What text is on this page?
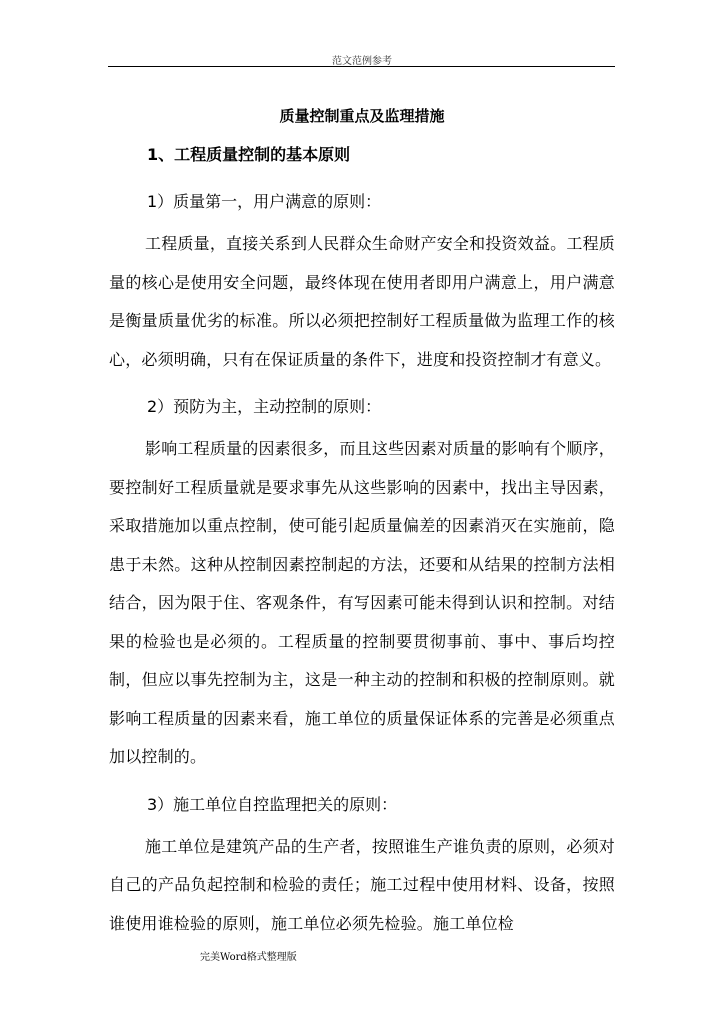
范文范例参考
质量控制重点及监理措施
1、工程质量控制的基本原则
1）质量第一，用户满意的原则：

工程质量，直接关系到人民群众生命财产安全和投资效益。工程质量的核心是使用安全问题，最终体现在使用者即用户满意上，用户满意是衡量质量优劣的标准。所以必须把控制好工程质量做为监理工作的核心，必须明确，只有在保证质量的条件下，进度和投资控制才有意义。

2）预防为主，主动控制的原则：

影响工程质量的因素很多，而且这些因素对质量的影响有个顺序，要控制好工程质量就是要求事先从这些影响的因素中，找出主导因素，采取措施加以重点控制，使可能引起质量偏差的因素消灭在实施前，隐患于未然。这种从控制因素控制起的方法，还要和从结果的控制方法相结合，因为限于住、客观条件，有写因素可能未得到认识和控制。对结果的检验也是必须的。工程质量的控制要贯彻事前、事中、事后均控制，但应以事先控制为主，这是一种主动的控制和积极的控制原则。就影响工程质量的因素来看，施工单位的质量保证体系的完善是必须重点加以控制的。

3）施工单位自控监理把关的原则：

施工单位是建筑产品的生产者，按照谁生产谁负责的原则，必须对自己的产品负起控制和检验的责任；施工过程中使用材料、设备，按照谁使用谁检验的原则，施工单位必须先检验。施工单位检

完美Word格式整理版
